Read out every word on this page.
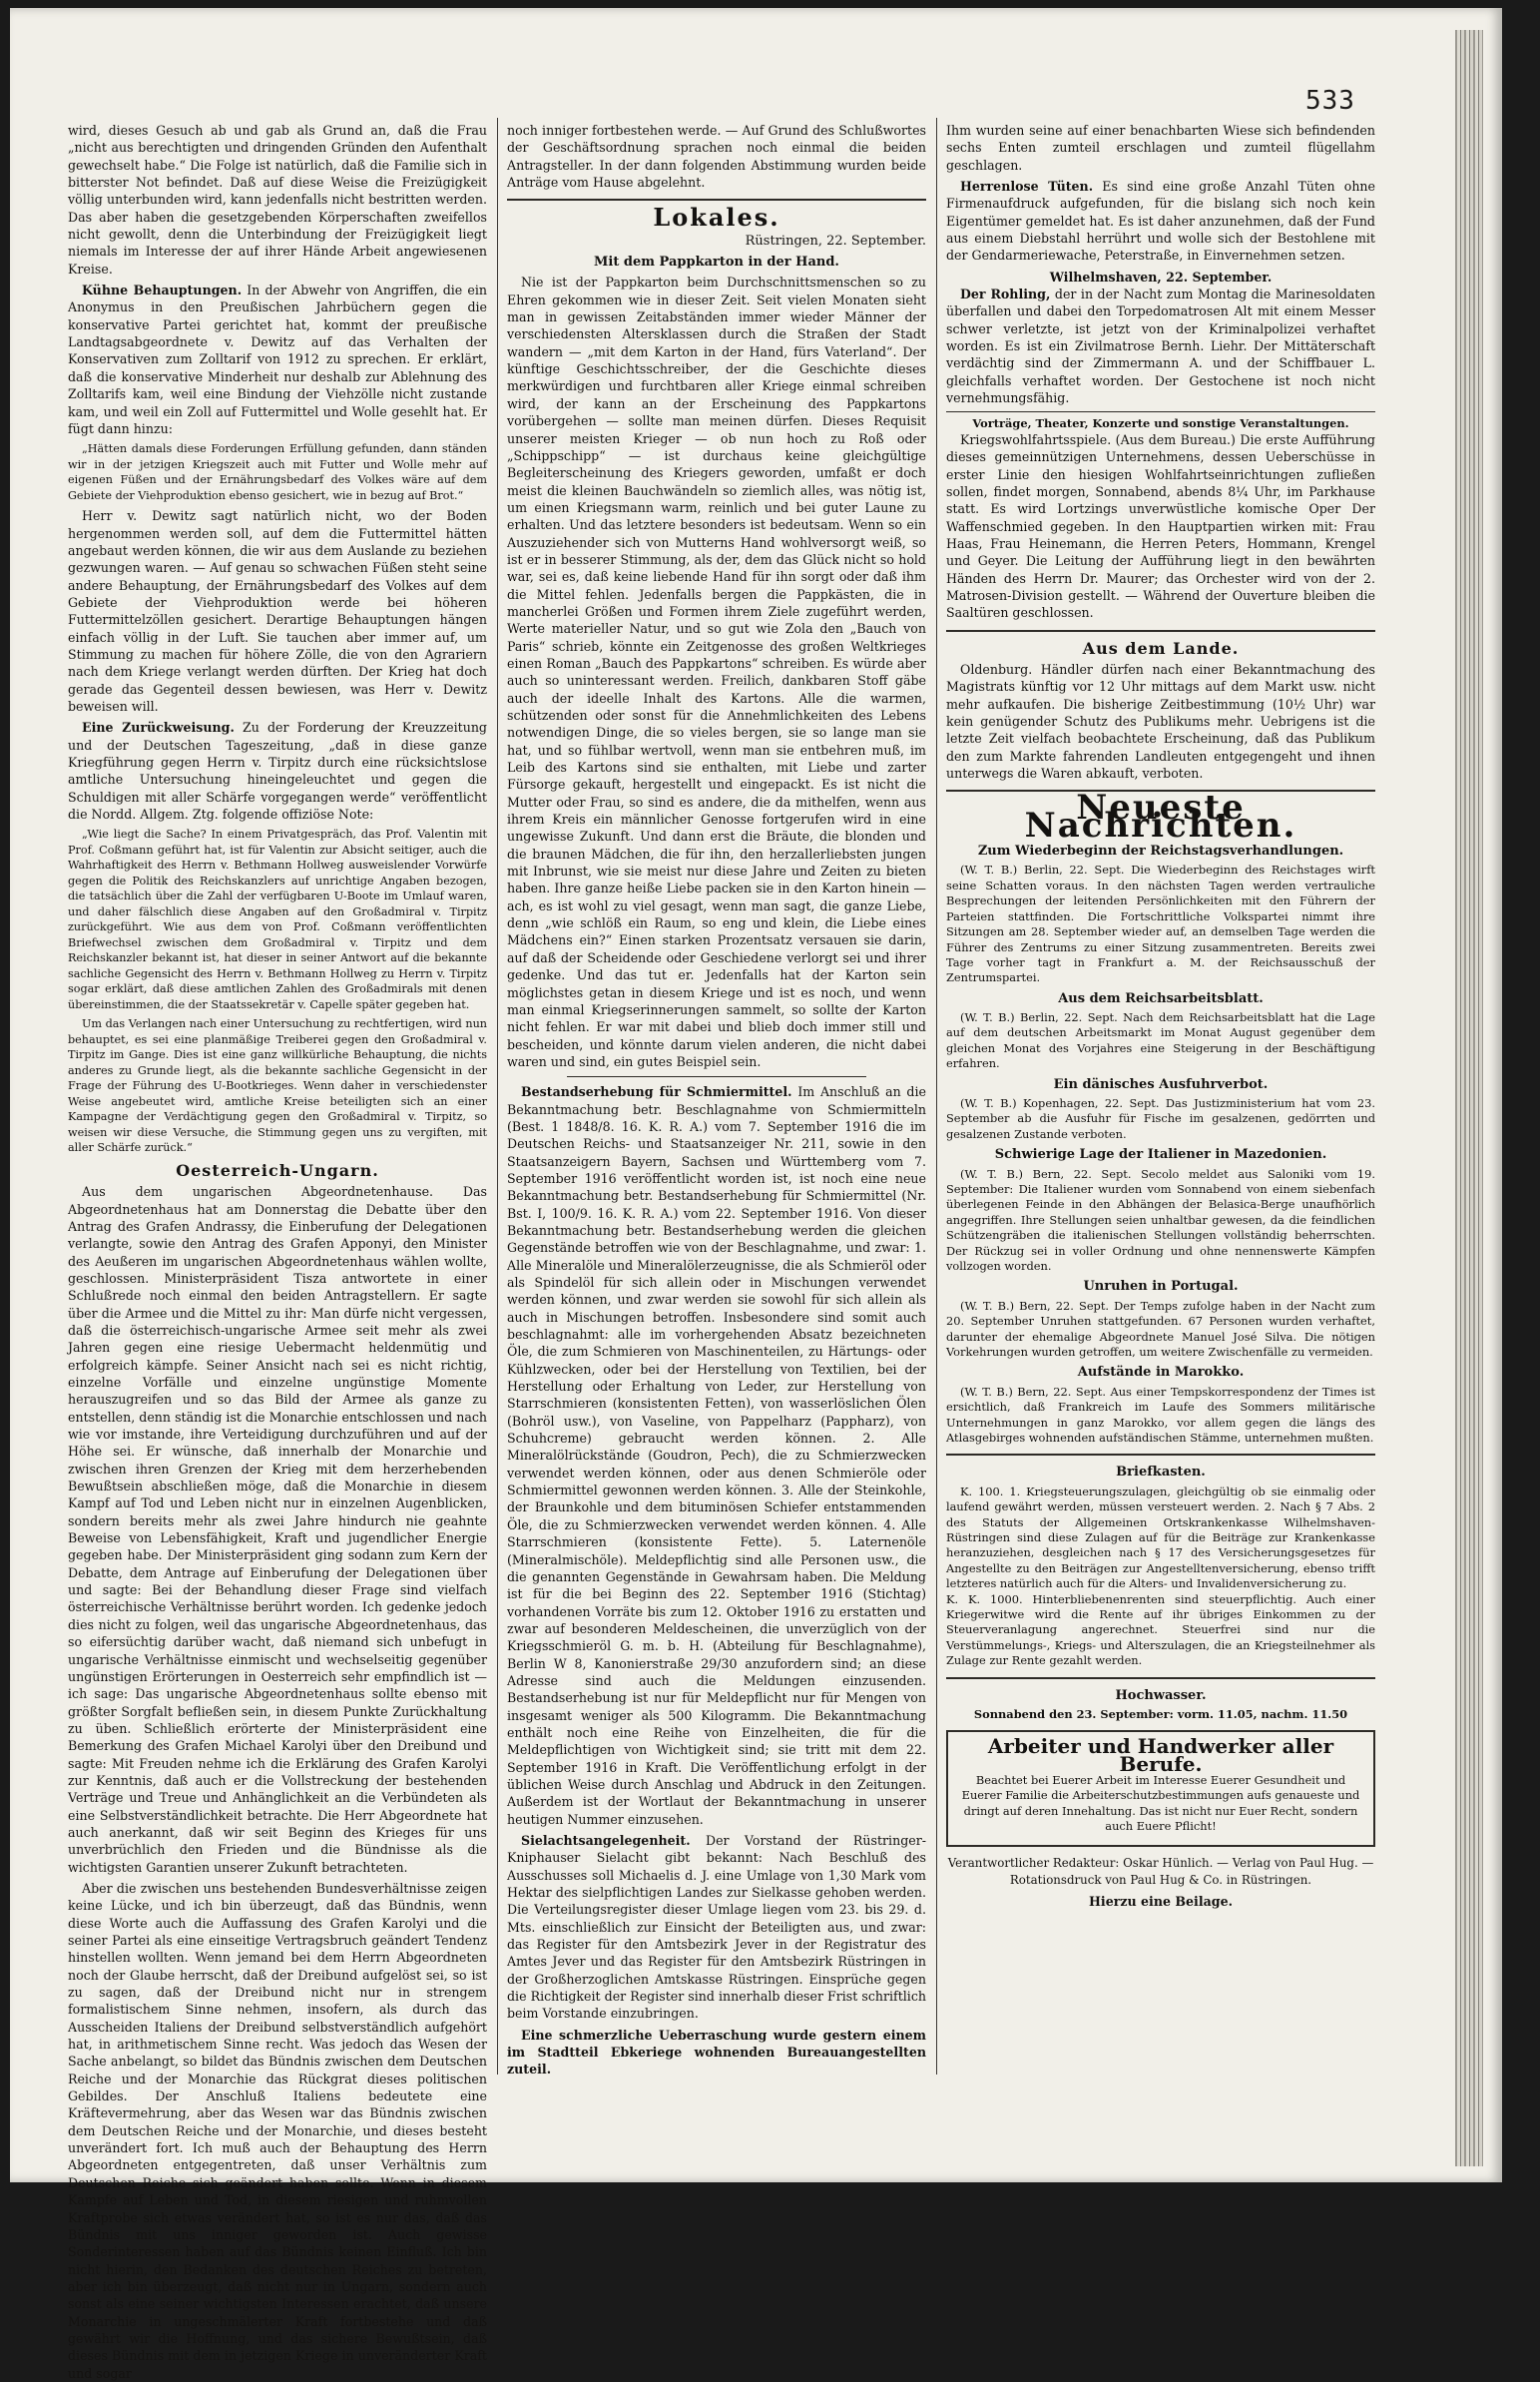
533

wird, dieses Gesuch ab und gab als Grund an, daß die Frau „nicht aus berechtigten und dringenden Gründen den Aufenthalt gewechselt habe.“ Die Folge ist natürlich, daß die Familie sich in bitterster Not befindet. Daß auf diese Weise die Freizügigkeit völlig unterbunden wird, kann jedenfalls nicht bestritten werden. Das aber haben die gesetzgebenden Körperschaften zweifellos nicht gewollt, denn die Unterbindung der Freizügigkeit liegt niemals im Interesse der auf ihrer Hände Arbeit angewiesenen Kreise.

Kühne Behauptungen. In der Abwehr von Angriffen, die ein Anonymus in den Preußischen Jahrbüchern gegen die konservative Partei gerichtet hat, kommt der preußische Landtagsabgeordnete v. Dewitz auf das Verhalten der Konservativen zum Zolltarif von 1912 zu sprechen. Er erklärt, daß die konservative Minderheit nur deshalb zur Ablehnung des Zolltarifs kam, weil eine Bindung der Viehzölle nicht zustande kam, und weil ein Zoll auf Futtermittel und Wolle gesehlt hat. Er fügt dann hinzu:

„Hätten damals diese Forderungen Erfüllung gefunden, dann ständen wir in der jetzigen Kriegszeit auch mit Futter und Wolle mehr auf eigenen Füßen und der Ernährungsbedarf des Volkes wäre auf dem Gebiete der Viehproduktion ebenso gesichert, wie in bezug auf Brot.“

Herr v. Dewitz sagt natürlich nicht, wo der Boden hergenommen werden soll, auf dem die Futtermittel hätten angebaut werden können, die wir aus dem Auslande zu beziehen gezwungen waren. — Auf genau so schwachen Füßen steht seine andere Behauptung, der Ernährungsbedarf des Volkes auf dem Gebiete der Viehproduktion werde bei höheren Futtermittelzöllen gesichert. Derartige Behauptungen hängen einfach völlig in der Luft. Sie tauchen aber immer auf, um Stimmung zu machen für höhere Zölle, die von den Agrariern nach dem Kriege verlangt werden dürften. Der Krieg hat doch gerade das Gegenteil dessen bewiesen, was Herr v. Dewitz beweisen will.

Eine Zurückweisung. Zu der Forderung der Kreuzzeitung und der Deutschen Tageszeitung, „daß in diese ganze Kriegführung gegen Herrn v. Tirpitz durch eine rücksichtslose amtliche Untersuchung hineingeleuchtet und gegen die Schuldigen mit aller Schärfe vorgegangen werde“ veröffentlicht die Nordd. Allgem. Ztg. folgende offiziöse Note:

„Wie liegt die Sache? In einem Privatgespräch, das Prof. Valentin mit Prof. Coßmann geführt hat, ist für Valentin zur Absicht seitiger, auch die Wahrhaftigkeit des Herrn v. Bethmann Hollweg ausweislender Vorwürfe gegen die Politik des Reichskanzlers auf unrichtige Angaben bezogen, die tatsächlich über die Zahl der verfügbaren U-Boote im Umlauf waren, und daher fälschlich diese Angaben auf den Großadmiral v. Tirpitz zurückgeführt. Wie aus dem von Prof. Coßmann veröffentlichten Briefwechsel zwischen dem Großadmiral v. Tirpitz und dem Reichskanzler bekannt ist, hat dieser in seiner Antwort auf die bekannte sachliche Gegensicht des Herrn v. Bethmann Hollweg zu Herrn v. Tirpitz sogar erklärt, daß diese amtlichen Zahlen des Großadmirals mit denen übereinstimmen, die der Staatssekretär v. Capelle später gegeben hat.

Um das Verlangen nach einer Untersuchung zu rechtfertigen, wird nun behauptet, es sei eine planmäßige Treiberei gegen den Großadmiral v. Tirpitz im Gange. Dies ist eine ganz willkürliche Behauptung, die nichts anderes zu Grunde liegt, als die bekannte sachliche Gegensicht in der Frage der Führung des U-Bootkrieges. Wenn daher in verschiedenster Weise angebeutet wird, amtliche Kreise beteiligten sich an einer Kampagne der Verdächtigung gegen den Großadmiral v. Tirpitz, so weisen wir diese Versuche, die Stimmung gegen uns zu vergiften, mit aller Schärfe zurück.“

Oesterreich-Ungarn.

Aus dem ungarischen Abgeordnetenhause. Das Abgeordnetenhaus hat am Donnerstag die Debatte über den Antrag des Grafen Andrassy, die Einberufung der Delegationen verlangte, sowie den Antrag des Grafen Apponyi, den Minister des Aeußeren im ungarischen Abgeordnetenhaus wählen wollte, geschlossen. Ministerpräsident Tisza antwortete in einer Schlußrede noch einmal den beiden Antragstellern. Er sagte über die Armee und die Mittel zu ihr: Man dürfe nicht vergessen, daß die österreichisch-ungarische Armee seit mehr als zwei Jahren gegen eine riesige Uebermacht heldenmütig und erfolgreich kämpfe. Seiner Ansicht nach sei es nicht richtig, einzelne Vorfälle und einzelne ungünstige Momente herauszugreifen und so das Bild der Armee als ganze zu entstellen, denn ständig ist die Monarchie entschlossen und nach wie vor imstande, ihre Verteidigung durchzuführen und auf der Höhe sei. Er wünsche, daß innerhalb der Monarchie und zwischen ihren Grenzen der Krieg mit dem herzerhebenden Bewußtsein abschließen möge, daß die Monarchie in diesem Kampf auf Tod und Leben nicht nur in einzelnen Augenblicken, sondern bereits mehr als zwei Jahre hindurch nie geahnte Beweise von Lebensfähigkeit, Kraft und jugendlicher Energie gegeben habe. Der Ministerpräsident ging sodann zum Kern der Debatte, dem Antrage auf Einberufung der Delegationen über und sagte: Bei der Behandlung dieser Frage sind vielfach österreichische Verhältnisse berührt worden. Ich gedenke jedoch dies nicht zu folgen, weil das ungarische Abgeordnetenhaus, das so eifersüchtig darüber wacht, daß niemand sich unbefugt in ungarische Verhältnisse einmischt und wechselseitig gegenüber ungünstigen Erörterungen in Oesterreich sehr empfindlich ist — ich sage: Das ungarische Abgeordnetenhaus sollte ebenso mit größter Sorgfalt befließen sein, in diesem Punkte Zurückhaltung zu üben. Schließlich erörterte der Ministerpräsident eine Bemerkung des Grafen Michael Karolyi über den Dreibund und sagte: Mit Freuden nehme ich die Erklärung des Grafen Karolyi zur Kenntnis, daß auch er die Vollstreckung der bestehenden Verträge und Treue und Anhänglichkeit an die Verbündeten als eine Selbstverständlichkeit betrachte. Die Herr Abgeordnete hat auch anerkannt, daß wir seit Beginn des Krieges für uns unverbrüchlich den Frieden und die Bündnisse als die wichtigsten Garantien unserer Zukunft betrachteten.

Aber die zwischen uns bestehenden Bundesverhältnisse zeigen keine Lücke, und ich bin überzeugt, daß das Bündnis, wenn diese Worte auch die Auffassung des Grafen Karolyi und die seiner Partei als eine einseitige Vertragsbruch geändert Tendenz hinstellen wollten. Wenn jemand bei dem Herrn Abgeordneten noch der Glaube herrscht, daß der Dreibund aufgelöst sei, so ist zu sagen, daß der Dreibund nicht nur in strengem formalistischem Sinne nehmen, insofern, als durch das Ausscheiden Italiens der Dreibund selbstverständlich aufgehört hat, in arithmetischem Sinne recht. Was jedoch das Wesen der Sache anbelangt, so bildet das Bündnis zwischen dem Deutschen Reiche und der Monarchie das Rückgrat dieses politischen Gebildes. Der Anschluß Italiens bedeutete eine Kräftevermehrung, aber das Wesen war das Bündnis zwischen dem Deutschen Reiche und der Monarchie, und dieses besteht unverändert fort. Ich muß auch der Behauptung des Herrn Abgeordneten entgegentreten, daß unser Verhältnis zum Deutschen Reiche sich geändert haben sollte. Wenn in diesem Kampfe auf Leben und Tod, in diesem riesigen und ruhmvollen Kraftprobe sich etwas verändert hat, so ist es nur das, daß das Bündnis mit uns inniger geworden ist. Auch gewisse Sonderinteressen haben auf das Bündnis keinen Einfluß. Ich bin nicht hierin, den Bedanken des deutschen Reiches zu betreten, aber ich bin überzeugt, daß nicht nur in Ungarn, sondern auch sonst als eine seiner wichtigsten Interessen erachtet, daß unsere Monarchie in ungeschmälerter Kraft fortbestehe und daß gewährt wir die Hoffnung, und das sichere Bewußtsein, daß dieses Bündnis mit dem in jetzigen Kriege in unveränderter Kraft und sogar

noch inniger fortbestehen werde. — Auf Grund des Schlußwortes der Geschäftsordnung sprachen noch einmal die beiden Antragsteller. In der dann folgenden Abstimmung wurden beide Anträge vom Hause abgelehnt.

Lokales.
Rüstringen, 22. September.
Mit dem Pappkarton in der Hand.

Nie ist der Pappkarton beim Durchschnittsmenschen so zu Ehren gekommen wie in dieser Zeit. Seit vielen Monaten sieht man in gewissen Zeitabständen immer wieder Männer der verschiedensten Altersklassen durch die Straßen der Stadt wandern — „mit dem Karton in der Hand, fürs Vaterland“. Der künftige Geschichtsschreiber, der die Geschichte dieses merkwürdigen und furchtbaren aller Kriege einmal schreiben wird, der kann an der Erscheinung des Pappkartons vorübergehen — sollte man meinen dürfen. Dieses Requisit unserer meisten Krieger — ob nun hoch zu Roß oder „Schippschipp“ — ist durchaus keine gleichgültige Begleiterscheinung des Kriegers geworden, umfaßt er doch meist die kleinen Bauchwändeln so ziemlich alles, was nötig ist, um einen Kriegsmann warm, reinlich und bei guter Laune zu erhalten. Und das letztere besonders ist bedeutsam. Wenn so ein Auszuziehender sich von Mutterns Hand wohlversorgt weiß, so ist er in besserer Stimmung, als der, dem das Glück nicht so hold war, sei es, daß keine liebende Hand für ihn sorgt oder daß ihm die Mittel fehlen. Jedenfalls bergen die Pappkästen, die in mancherlei Größen und Formen ihrem Ziele zugeführt werden, Werte materieller Natur, und so gut wie Zola den „Bauch von Paris“ schrieb, könnte ein Zeitgenosse des großen Weltkrieges einen Roman „Bauch des Pappkartons“ schreiben. Es würde aber auch so uninteressant werden. Freilich, dankbaren Stoff gäbe auch der ideelle Inhalt des Kartons. Alle die warmen, schützenden oder sonst für die Annehmlichkeiten des Lebens notwendigen Dinge, die so vieles bergen, sie so lange man sie hat, und so fühlbar wertvoll, wenn man sie entbehren muß, im Leib des Kartons sind sie enthalten, mit Liebe und zarter Fürsorge gekauft, hergestellt und eingepackt. Es ist nicht die Mutter oder Frau, so sind es andere, die da mithelfen, wenn aus ihrem Kreis ein männlicher Genosse fortgerufen wird in eine ungewisse Zukunft. Und dann erst die Bräute, die blonden und die braunen Mädchen, die für ihn, den herzallerliebsten jungen mit Inbrunst, wie sie meist nur diese Jahre und Zeiten zu bieten haben. Ihre ganze heiße Liebe packen sie in den Karton hinein — ach, es ist wohl zu viel gesagt, wenn man sagt, die ganze Liebe, denn „wie schlöß ein Raum, so eng und klein, die Liebe eines Mädchens ein?“ Einen starken Prozentsatz versauen sie darin, auf daß der Scheidende oder Geschiedene verlorgt sei und ihrer gedenke. Und das tut er. Jedenfalls hat der Karton sein möglichstes getan in diesem Kriege und ist es noch, und wenn man einmal Kriegserinnerungen sammelt, so sollte der Karton nicht fehlen. Er war mit dabei und blieb doch immer still und bescheiden, und könnte darum vielen anderen, die nicht dabei waren und sind, ein gutes Beispiel sein.

Bestandserhebung für Schmiermittel. Im Anschluß an die Bekanntmachung betr. Beschlagnahme von Schmiermitteln (Best. 1 1848/8. 16. K. R. A.) vom 7. September 1916 die im Deutschen Reichs- und Staatsanzeiger Nr. 211, sowie in den Staatsanzeigern Bayern, Sachsen und Württemberg vom 7. September 1916 veröffentlicht worden ist, ist noch eine neue Bekanntmachung betr. Bestandserhebung für Schmiermittel (Nr. Bst. I, 100/9. 16. K. R. A.) vom 22. September 1916. Von dieser Bekanntmachung betr. Bestandserhebung werden die gleichen Gegenstände betroffen wie von der Beschlagnahme, und zwar: 1. Alle Mineralöle und Mineralölerzeugnisse, die als Schmieröl oder als Spindelöl für sich allein oder in Mischungen verwendet werden können, und zwar werden sie sowohl für sich allein als auch in Mischungen betroffen. Insbesondere sind somit auch beschlagnahmt: alle im vorhergehenden Absatz bezeichneten Öle, die zum Schmieren von Maschinenteilen, zu Härtungs- oder Kühlzwecken, oder bei der Herstellung von Textilien, bei der Herstellung oder Erhaltung von Leder, zur Herstellung von Starrschmieren (konsistenten Fetten), von wasserlöslichen Ölen (Bohröl usw.), von Vaseline, von Pappelharz (Pappharz), von Schuhcreme) gebraucht werden können. 2. Alle Mineralölrückstände (Goudron, Pech), die zu Schmierzwecken verwendet werden können, oder aus denen Schmieröle oder Schmiermittel gewonnen werden können. 3. Alle der Steinkohle, der Braunkohle und dem bituminösen Schiefer entstammenden Öle, die zu Schmierzwecken verwendet werden können. 4. Alle Starrschmieren (konsistente Fette). 5. Laternenöle (Mineralmischöle). Meldepflichtig sind alle Personen usw., die die genannten Gegenstände in Gewahrsam haben. Die Meldung ist für die bei Beginn des 22. September 1916 (Stichtag) vorhandenen Vorräte bis zum 12. Oktober 1916 zu erstatten und zwar auf besonderen Meldescheinen, die unverzüglich von der Kriegsschmieröl G. m. b. H. (Abteilung für Beschlagnahme), Berlin W 8, Kanonierstraße 29/30 anzufordern sind; an diese Adresse sind auch die Meldungen einzusenden. Bestandserhebung ist nur für Meldepflicht nur für Mengen von insgesamt weniger als 500 Kilogramm. Die Bekanntmachung enthält noch eine Reihe von Einzelheiten, die für die Meldepflichtigen von Wichtigkeit sind; sie tritt mit dem 22. September 1916 in Kraft. Die Veröffentlichung erfolgt in der üblichen Weise durch Anschlag und Abdruck in den Zeitungen. Außerdem ist der Wortlaut der Bekanntmachung in unserer heutigen Nummer einzusehen.

Sielachtsangelegenheit. Der Vorstand der Rüstringer-Kniphauser Sielacht gibt bekannt: Nach Beschluß des Ausschusses soll Michaelis d. J. eine Umlage von 1,30 Mark vom Hektar des sielpflichtigen Landes zur Sielkasse gehoben werden. Die Verteilungsregister dieser Umlage liegen vom 23. bis 29. d. Mts. einschließlich zur Einsicht der Beteiligten aus, und zwar: das Register für den Amtsbezirk Jever in der Registratur des Amtes Jever und das Register für den Amtsbezirk Rüstringen in der Großherzoglichen Amtskasse Rüstringen. Einsprüche gegen die Richtigkeit der Register sind innerhalb dieser Frist schriftlich beim Vorstande einzubringen.

Eine schmerzliche Ueberraschung wurde gestern einem im Stadtteil Ebkeriege wohnenden Bureauangestellten zuteil.

Ihm wurden seine auf einer benachbarten Wiese sich befindenden sechs Enten zumteil erschlagen und zumteil flügellahm geschlagen.

Herrenlose Tüten. Es sind eine große Anzahl Tüten ohne Firmenaufdruck aufgefunden, für die bislang sich noch kein Eigentümer gemeldet hat. Es ist daher anzunehmen, daß der Fund aus einem Diebstahl herrührt und wolle sich der Bestohlene mit der Gendarmeriewache, Peterstraße, in Einvernehmen setzen.

Wilhelmshaven, 22. September.

Der Rohling, der in der Nacht zum Montag die Marinesoldaten überfallen und dabei den Torpedomatrosen Alt mit einem Messer schwer verletzte, ist jetzt von der Kriminalpolizei verhaftet worden. Es ist ein Zivilmatrose Bernh. Liehr. Der Mittäterschaft verdächtig sind der Zimmermann A. und der Schiffbauer L. gleichfalls verhaftet worden. Der Gestochene ist noch nicht vernehmungsfähig.

Vorträge, Theater, Konzerte und sonstige Veranstaltungen.

Kriegswohlfahrtsspiele. (Aus dem Bureau.) Die erste Aufführung dieses gemeinnützigen Unternehmens, dessen Ueberschüsse in erster Linie den hiesigen Wohlfahrtseinrichtungen zufließen sollen, findet morgen, Sonnabend, abends 8¼ Uhr, im Parkhause statt. Es wird Lortzings unverwüstliche komische Oper Der Waffenschmied gegeben. In den Hauptpartien wirken mit: Frau Haas, Frau Heinemann, die Herren Peters, Hommann, Krengel und Geyer. Die Leitung der Aufführung liegt in den bewährten Händen des Herrn Dr. Maurer; das Orchester wird von der 2. Matrosen-Division gestellt. — Während der Ouverture bleiben die Saaltüren geschlossen.

Aus dem Lande.

Oldenburg. Händler dürfen nach einer Bekanntmachung des Magistrats künftig vor 12 Uhr mittags auf dem Markt usw. nicht mehr aufkaufen. Die bisherige Zeitbestimmung (10½ Uhr) war kein genügender Schutz des Publikums mehr. Uebrigens ist die letzte Zeit vielfach beobachtete Erscheinung, daß das Publikum den zum Markte fahrenden Landleuten entgegengeht und ihnen unterwegs die Waren abkauft, verboten.

Neueste Nachrichten.
Zum Wiederbeginn der Reichstagsverhandlungen.

(W. T. B.) Berlin, 22. Sept. Die Wiederbeginn des Reichstages wirft seine Schatten voraus. In den nächsten Tagen werden vertrauliche Besprechungen der leitenden Persönlichkeiten mit den Führern der Parteien stattfinden. Die Fortschrittliche Volkspartei nimmt ihre Sitzungen am 28. September wieder auf, an demselben Tage werden die Führer des Zentrums zu einer Sitzung zusammentreten. Bereits zwei Tage vorher tagt in Frankfurt a. M. der Reichsausschuß der Zentrumspartei.

Aus dem Reichsarbeitsblatt.

(W. T. B.) Berlin, 22. Sept. Nach dem Reichsarbeitsblatt hat die Lage auf dem deutschen Arbeitsmarkt im Monat August gegenüber dem gleichen Monat des Vorjahres eine Steigerung in der Beschäftigung erfahren.

Ein dänisches Ausfuhrverbot.

(W. T. B.) Kopenhagen, 22. Sept. Das Justizministerium hat vom 23. September ab die Ausfuhr für Fische im gesalzenen, gedörrten und gesalzenen Zustande verboten.

Schwierige Lage der Italiener in Mazedonien.

(W. T. B.) Bern, 22. Sept. Secolo meldet aus Saloniki vom 19. September: Die Italiener wurden vom Sonnabend von einem siebenfach überlegenen Feinde in den Abhängen der Belasica-Berge unaufhörlich angegriffen. Ihre Stellungen seien unhaltbar gewesen, da die feindlichen Schützengräben die italienischen Stellungen vollständig beherrschten. Der Rückzug sei in voller Ordnung und ohne nennenswerte Kämpfen vollzogen worden.

Unruhen in Portugal.

(W. T. B.) Bern, 22. Sept. Der Temps zufolge haben in der Nacht zum 20. September Unruhen stattgefunden. 67 Personen wurden verhaftet, darunter der ehemalige Abgeordnete Manuel José Silva. Die nötigen Vorkehrungen wurden getroffen, um weitere Zwischenfälle zu vermeiden.

Aufstände in Marokko.

(W. T. B.) Bern, 22. Sept. Aus einer Tempskorrespondenz der Times ist ersichtlich, daß Frankreich im Laufe des Sommers militärische Unternehmungen in ganz Marokko, vor allem gegen die längs des Atlasgebirges wohnenden aufständischen Stämme, unternehmen mußten.

Briefkasten.

K. 100. 1. Kriegsteuerungszulagen, gleichgültig ob sie einmalig oder laufend gewährt werden, müssen versteuert werden. 2. Nach § 7 Abs. 2 des Statuts der Allgemeinen Ortskrankenkasse Wilhelmshaven-Rüstringen sind diese Zulagen auf für die Beiträge zur Krankenkasse heranzuziehen, desgleichen nach § 17 des Versicherungsgesetzes für Angestellte zu den Beiträgen zur Angestelltenversicherung, ebenso trifft letzteres natürlich auch für die Alters- und Invalidenversicherung zu.
K. K. 1000. Hinterbliebenenrenten sind steuerpflichtig. Auch einer Kriegerwitwe wird die Rente auf ihr übriges Einkommen zu der Steuerveranlagung angerechnet. Steuerfrei sind nur die Verstümmelungs-, Kriegs- und Alterszulagen, die an Kriegsteilnehmer als Zulage zur Rente gezahlt werden.

Hochwasser.
Sonnabend den 23. September: vorm. 11.05, nachm. 11.50
Arbeiter und Handwerker aller Berufe.

Beachtet bei Euerer Arbeit im Interesse Euerer Gesundheit und Euerer Familie die Arbeiterschutzbestimmungen aufs genaueste und dringt auf deren Innehaltung. Das ist nicht nur Euer Recht, sondern auch Euere Pflicht!

Verantwortlicher Redakteur: Oskar Hünlich. — Verlag von Paul Hug. — Rotationsdruck von Paul Hug & Co. in Rüstringen.

Hierzu eine Beilage.
